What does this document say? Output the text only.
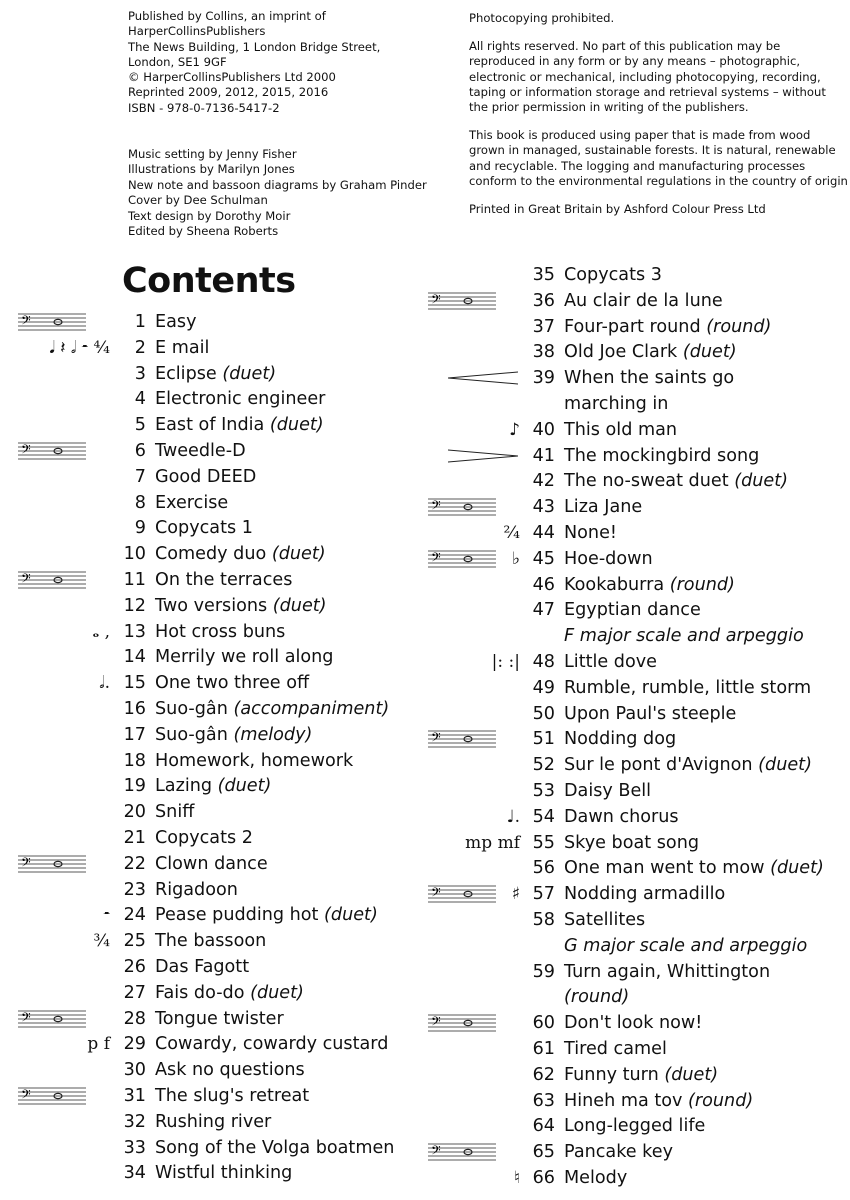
Published by Collins, an imprint of
HarperCollinsPublishers
The News Building, 1 London Bridge Street,
London, SE1 9GF
© HarperCollinsPublishers Ltd 2000
Reprinted 2009, 2012, 2015, 2016
ISBN - 978-0-7136-5417-2
Music setting by Jenny Fisher
Illustrations by Marilyn Jones
New note and bassoon diagrams by Graham Pinder
Cover by Dee Schulman
Text design by Dorothy Moir
Edited by Sheena Roberts

Photocopying prohibited.

All rights reserved. No part of this publication may be
reproduced in any form or by any means – photographic,
electronic or mechanical, including photocopying, recording,
taping or information storage and retrieval systems – without
the prior permission in writing of the publishers.

This book is produced using paper that is made from wood
grown in managed, sustainable forests. It is natural, renewable
and recyclable. The logging and manufacturing processes
conform to the environmental regulations in the country of origin

Printed in Great Britain by Ashford Colour Press Ltd

Contents
1 Easy
2 E mail
3 Eclipse (duet)
4 Electronic engineer
5 East of India (duet)
6 Tweedle-D
7 Good DEED
8 Exercise
9 Copycats 1
10 Comedy duo (duet)
11 On the terraces
12 Two versions (duet)
13 Hot cross buns
14 Merrily we roll along
15 One two three off
16 Suo-gân (accompaniment)
17 Suo-gân (melody)
18 Homework, homework
19 Lazing (duet)
20 Sniff
21 Copycats 2
22 Clown dance
23 Rigadoon
24 Pease pudding hot (duet)
25 The bassoon
26 Das Fagott
27 Fais do-do (duet)
28 Tongue twister
29 Cowardy, cowardy custard
30 Ask no questions
31 The slug's retreat
32 Rushing river
33 Song of the Volga boatmen
34 Wistful thinking
35 Copycats 3
36 Au clair de la lune
37 Four-part round (round)
38 Old Joe Clark (duet)
39 When the saints go
marching in
40 This old man
41 The mockingbird song
42 The no-sweat duet (duet)
43 Liza Jane
44 None!
45 Hoe-down
46 Kookaburra (round)
47 Egyptian dance
F major scale and arpeggio
48 Little dove
49 Rumble, rumble, little storm
50 Upon Paul's steeple
51 Nodding dog
52 Sur le pont d'Avignon (duet)
53 Daisy Bell
54 Dawn chorus
55 Skye boat song
56 One man went to mow (duet)
57 Nodding armadillo
58 Satellites
G major scale and arpeggio
59 Turn again, Whittington
(round)
60 Don't look now!
61 Tired camel
62 Funny turn (duet)
63 Hineh ma tov (round)
64 Long-legged life
65 Pancake key
66 Melody
𝄢
𝄢
𝄢
𝄢
𝄢
𝄢
𝄢
𝄢
𝄢
𝄢
𝄢
𝄢
𝄢
𝅘𝅥 𝄽 𝅗𝅥 𝄼 ⁴⁄₄
𝅝 ,
𝅗𝅥.
𝄼
¾
p f
♪
²⁄₄
♭
|: :|
♩.
mp mf
♯
♮
